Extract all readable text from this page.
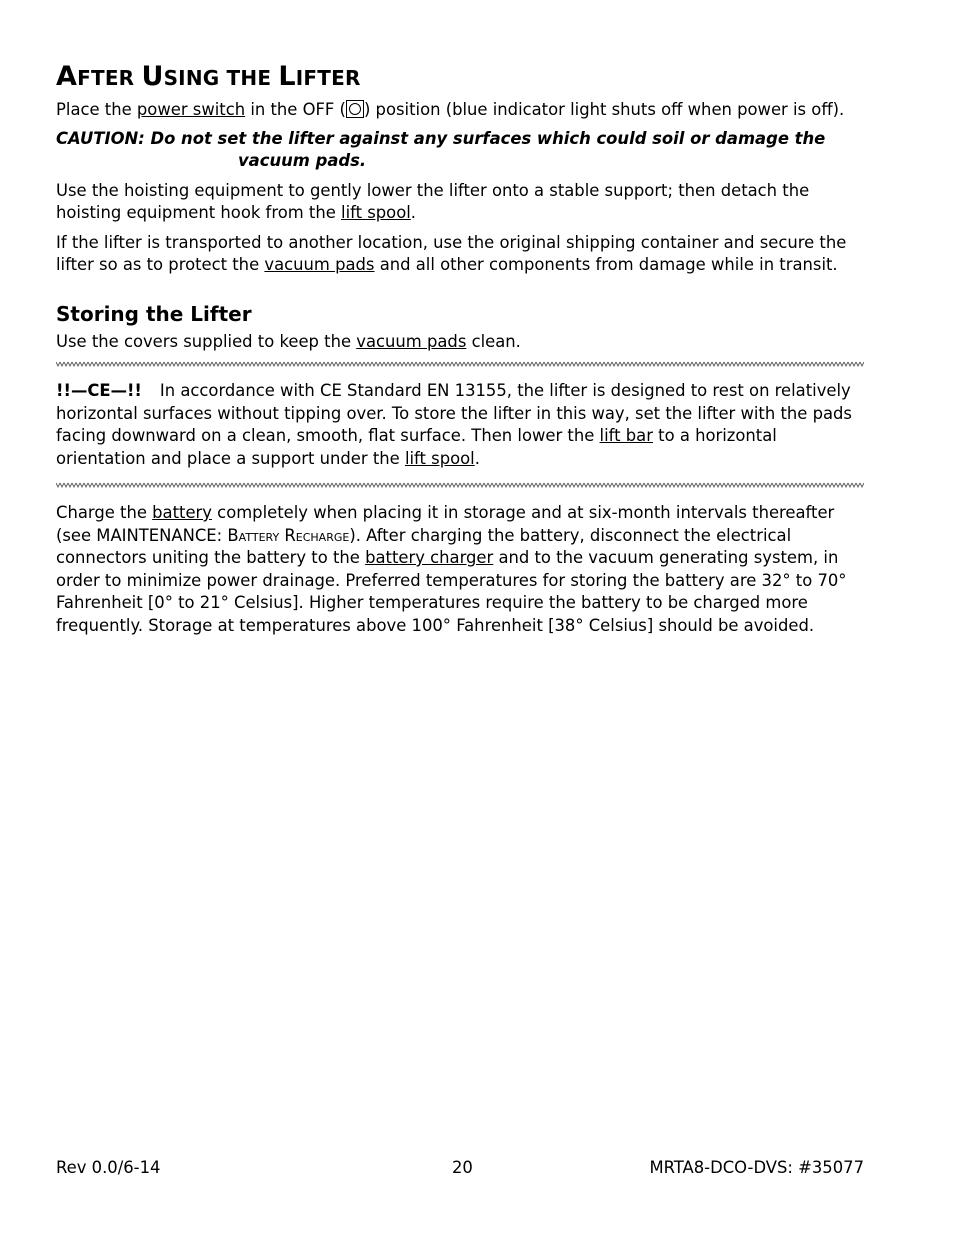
AFTER USING THE LIFTER

Place the power switch in the OFF ( ) position (blue indicator light shuts off when power is off).

CAUTION: Do not set the lifter against any surfaces which could soil or damage the
vacuum pads.

Use the hoisting equipment to gently lower the lifter onto a stable support; then detach the hoisting equipment hook from the lift spool.

If the lifter is transported to another location, use the original shipping container and secure the lifter so as to protect the vacuum pads and all other components from damage while in transit.

Storing the Lifter

Use the covers supplied to keep the vacuum pads clean.

!!—CE—!! In accordance with CE Standard EN 13155, the lifter is designed to rest on relatively horizontal surfaces without tipping over. To store the lifter in this way, set the lifter with the pads facing downward on a clean, smooth, flat surface. Then lower the lift bar to a horizontal orientation and place a support under the lift spool.

Charge the battery completely when placing it in storage and at six-month intervals thereafter (see MAINTENANCE: Battery Recharge). After charging the battery, disconnect the electrical connectors uniting the battery to the battery charger and to the vacuum generating system, in order to minimize power drainage. Preferred temperatures for storing the battery are 32° to 70° Fahrenheit [0° to 21° Celsius]. Higher temperatures require the battery to be charged more frequently. Storage at temperatures above 100° Fahrenheit [38° Celsius] should be avoided.

Rev 0.0/6-14	20	MRTA8-DCO-DVS: #35077
